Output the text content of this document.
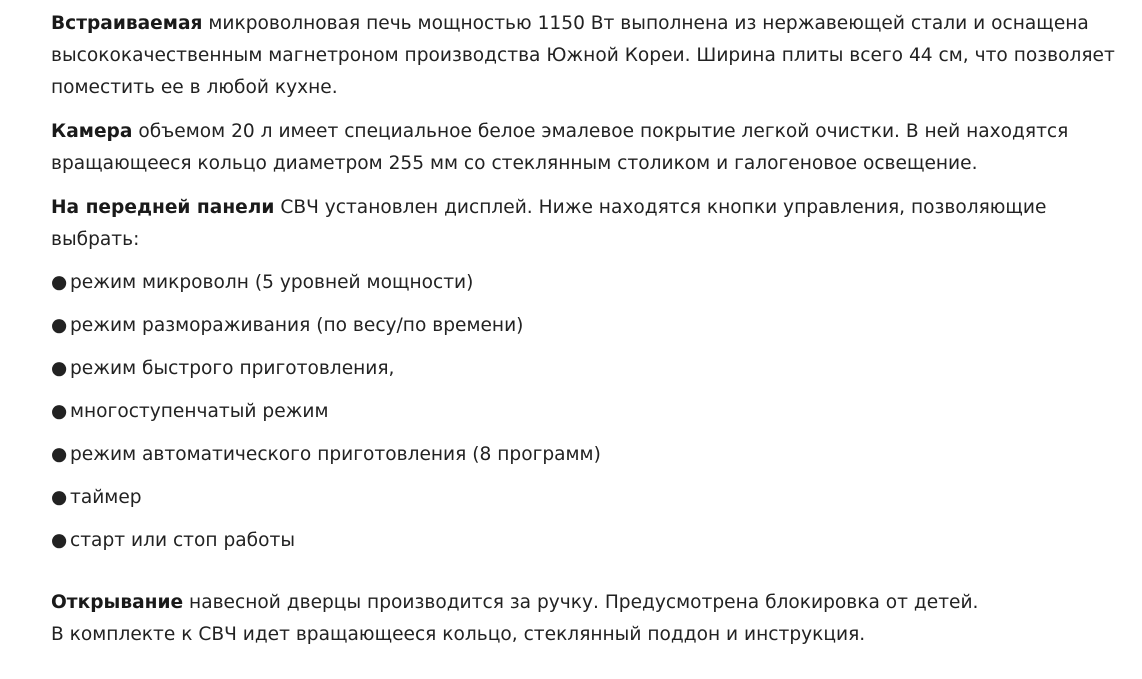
Встраиваемая микроволновая печь мощностью 1150 Вт выполнена из нержавеющей стали и оснащена высококачественным магнетроном производства Южной Кореи. Ширина плиты всего 44 см, что позволяет поместить ее в любой кухне.

Камера объемом 20 л имеет специальное белое эмалевое покрытие легкой очистки. В ней находятся вращающееся кольцо диаметром 255 мм со стеклянным столиком и галогеновое освещение.

На передней панели СВЧ установлен дисплей. Ниже находятся кнопки управления, позволяющие выбрать:

● режим микроволн (5 уровней мощности)
● режим размораживания (по весу/по времени)
● режим быстрого приготовления,
● многоступенчатый режим
● режим автоматического приготовления (8 программ)
● таймер
● старт или стоп работы

Открывание навесной дверцы производится за ручку. Предусмотрена блокировка от детей.

В комплекте к СВЧ идет вращающееся кольцо, стеклянный поддон и инструкция.
